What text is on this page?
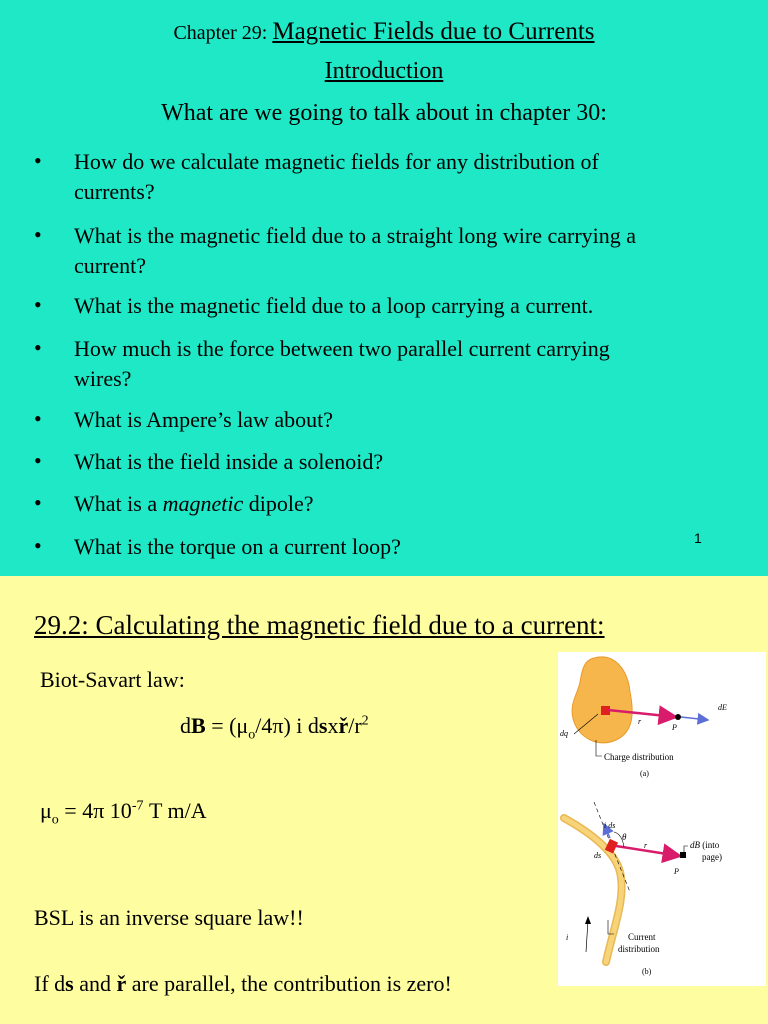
Chapter 29: Magnetic Fields due to Currents
Introduction
What are we going to talk about in chapter 30:
• How do we calculate magnetic fields for any distribution of
currents?
• What is the magnetic field due to a straight long wire carrying a
current?
• What is the magnetic field due to a loop carrying a current.
• How much is the force between two parallel current carrying
wires?
• What is Ampere’s law about?
• What is the field inside a solenoid?
• What is a magnetic dipole?
• What is the torque on a current loop?	1
29.2: Calculating the magnetic field due to a current:
Biot-Savart law:
dB = $(\mu_o/4\pi)$ i dsxř/$r^2$
$\mu_o = 4\pi$ $10^{-7}$ T m/A
BSL is an inverse square law!!
If ds and ř are parallel, the contribution is zero!
dq
r
P
dE
Charge distribution
(a)
i ds
θ
ds
r
P
dB (into
page)
i	Current
distribution
(b)
